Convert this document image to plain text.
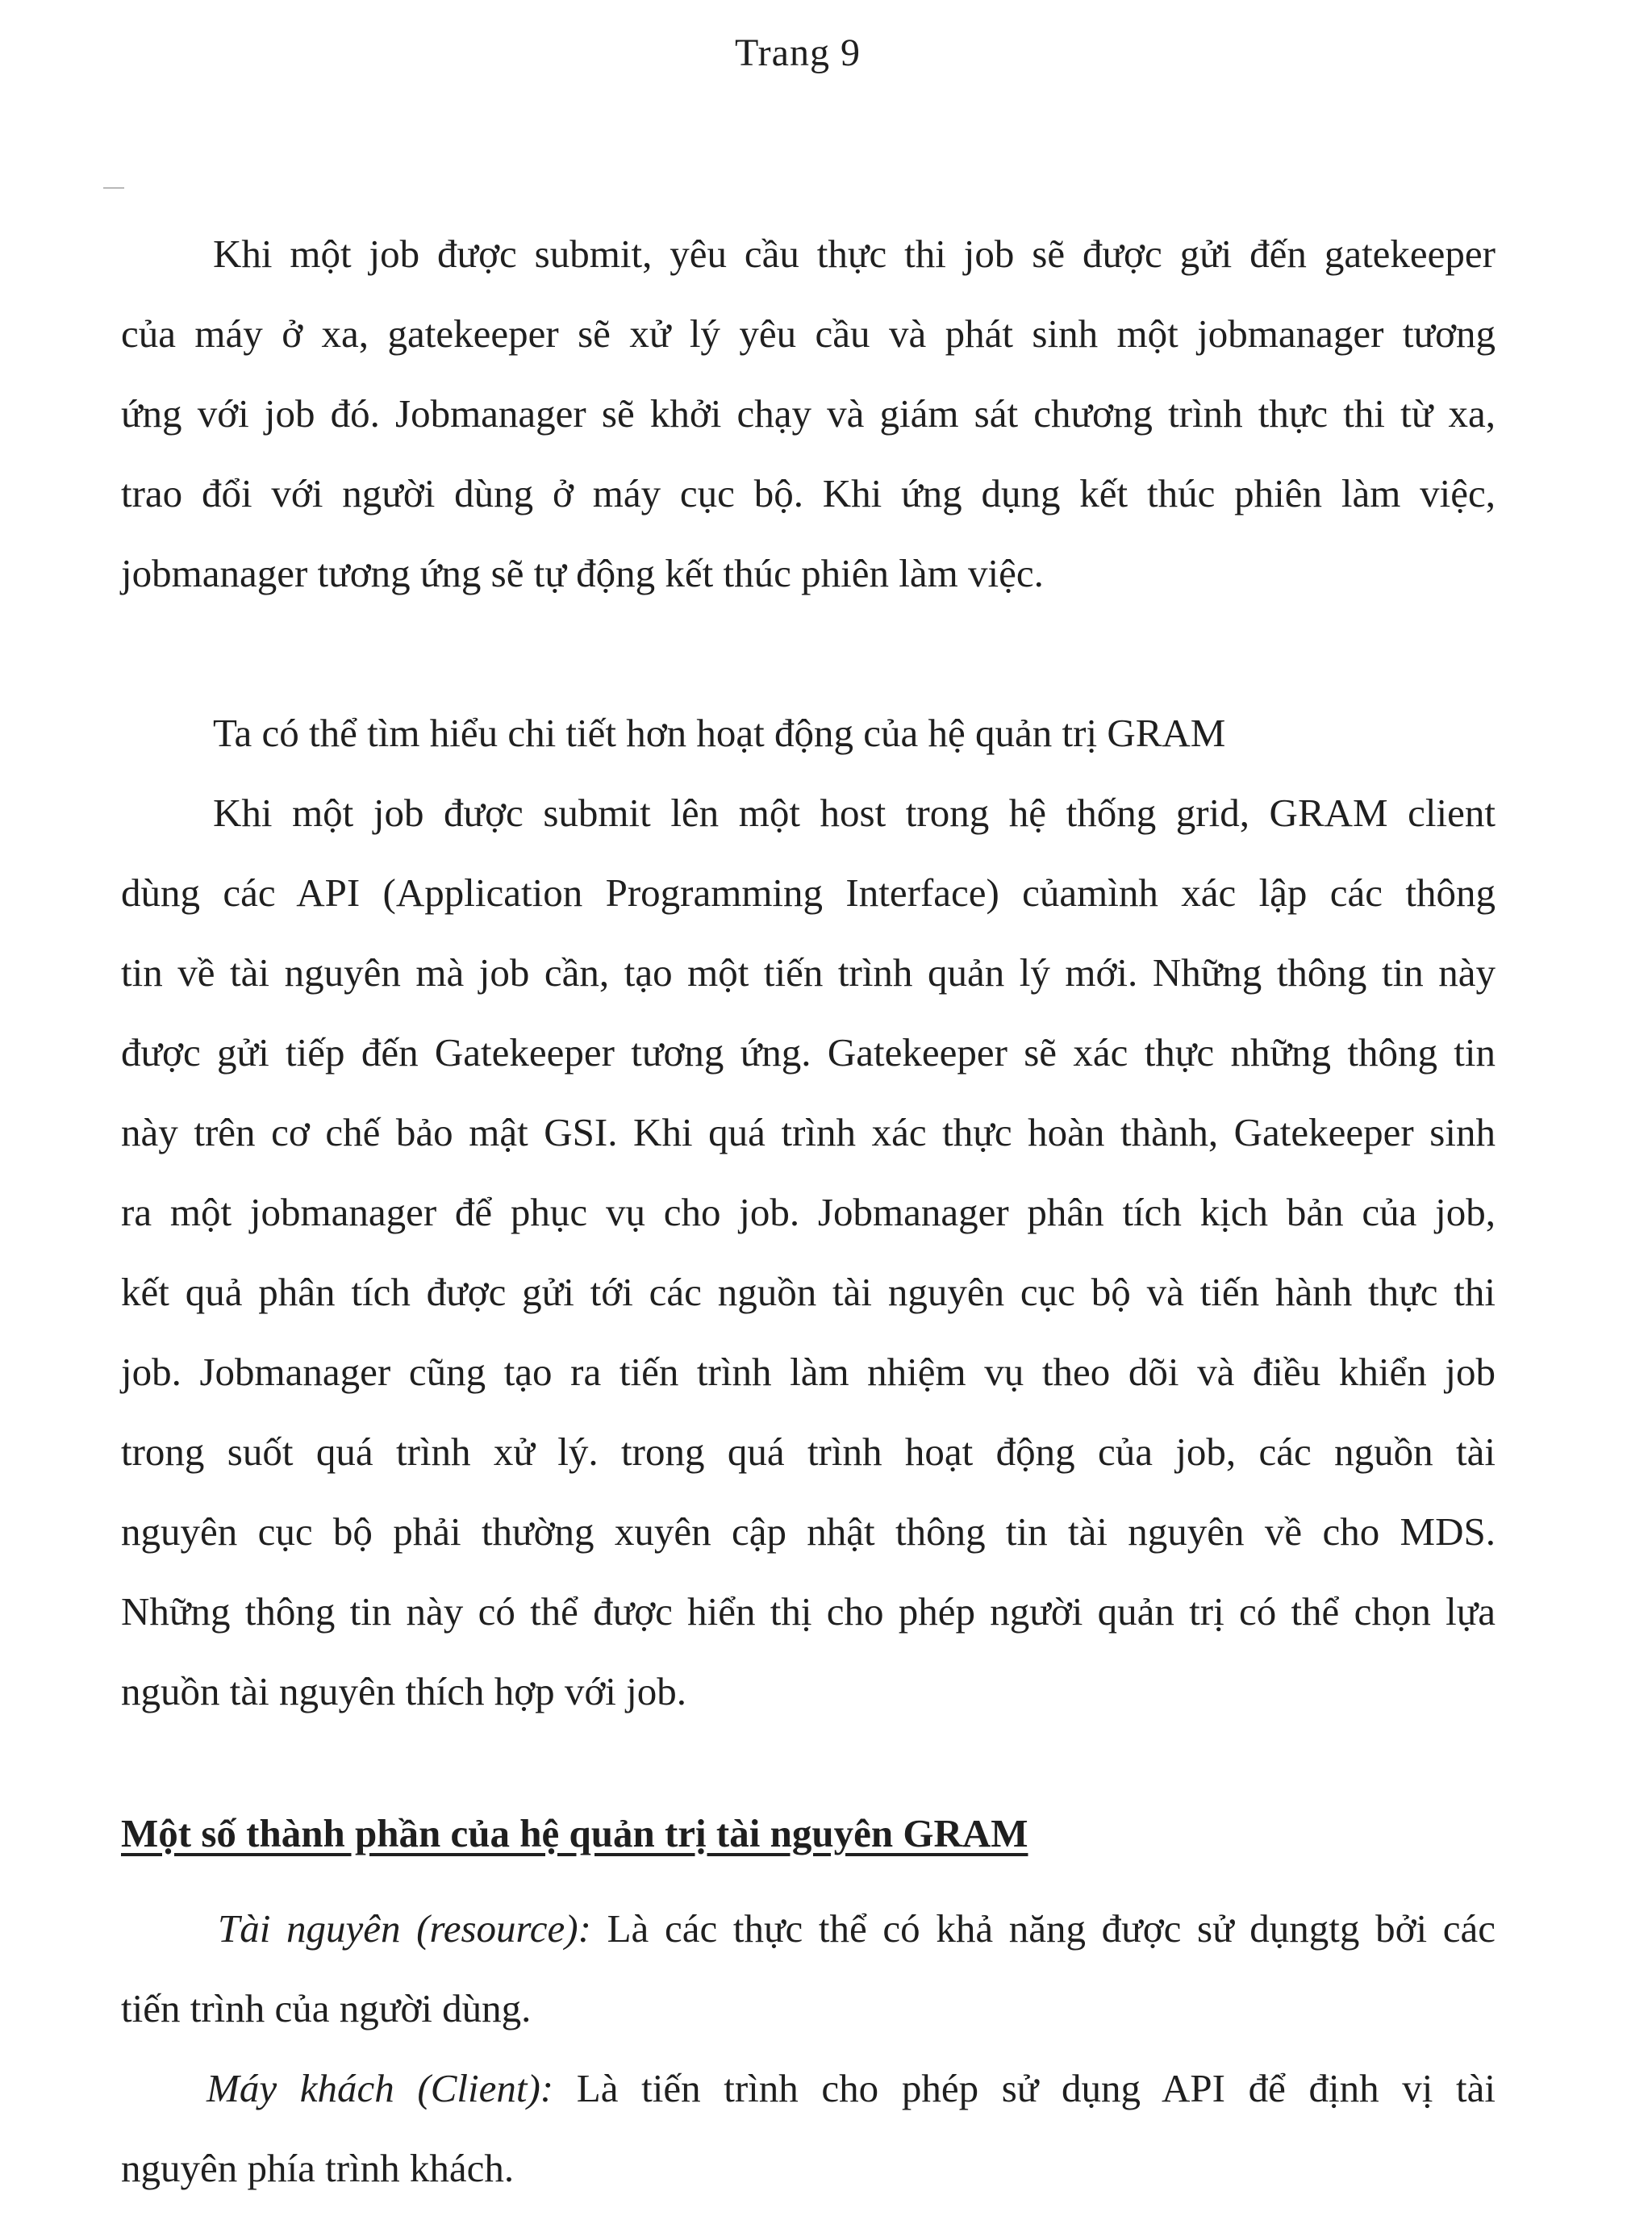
Trang 9
Khi một job được submit, yêu cầu thực thi job sẽ được gửi đến gatekeeper
của máy ở xa, gatekeeper sẽ xử lý yêu cầu và phát sinh một jobmanager tương
ứng với job đó. Jobmanager sẽ khởi chạy và giám sát chương trình thực thi từ xa,
trao đổi với người dùng ở máy cục bộ. Khi ứng dụng kết thúc phiên làm việc,
jobmanager tương ứng sẽ tự động kết thúc phiên làm việc.
Ta có thể tìm hiểu chi tiết hơn hoạt động của hệ quản trị GRAM
Khi một job được submit lên một host trong hệ thống grid, GRAM client
dùng các API (Application Programming Interface) củamình xác lập các thông
tin về tài nguyên mà job cần, tạo một tiến trình quản lý mới. Những thông tin này
được gửi tiếp đến Gatekeeper tương ứng. Gatekeeper sẽ xác thực những thông tin
này trên cơ chế bảo mật GSI. Khi quá trình xác thực hoàn thành, Gatekeeper sinh
ra một jobmanager để phục vụ cho job. Jobmanager phân tích kịch bản của job,
kết quả phân tích được gửi tới các nguồn tài nguyên cục bộ và tiến hành thực thi
job. Jobmanager cũng tạo ra tiến trình làm nhiệm vụ theo dõi và điều khiển job
trong suốt quá trình xử lý. trong quá trình hoạt động của job, các nguồn tài
nguyên cục bộ phải thường xuyên cập nhật thông tin tài nguyên về cho MDS.
Những thông tin này có thể được hiển thị cho phép người quản trị có thể chọn lựa
nguồn tài nguyên thích hợp với job.
Một số thành phần của hệ quản trị tài nguyên GRAM
Tài nguyên (resource): Là các thực thể có khả năng được sử dụngtg bởi các
tiến trình của người dùng.
Máy khách (Client): Là tiến trình cho phép sử dụng API để định vị tài
nguyên phía trình khách.
